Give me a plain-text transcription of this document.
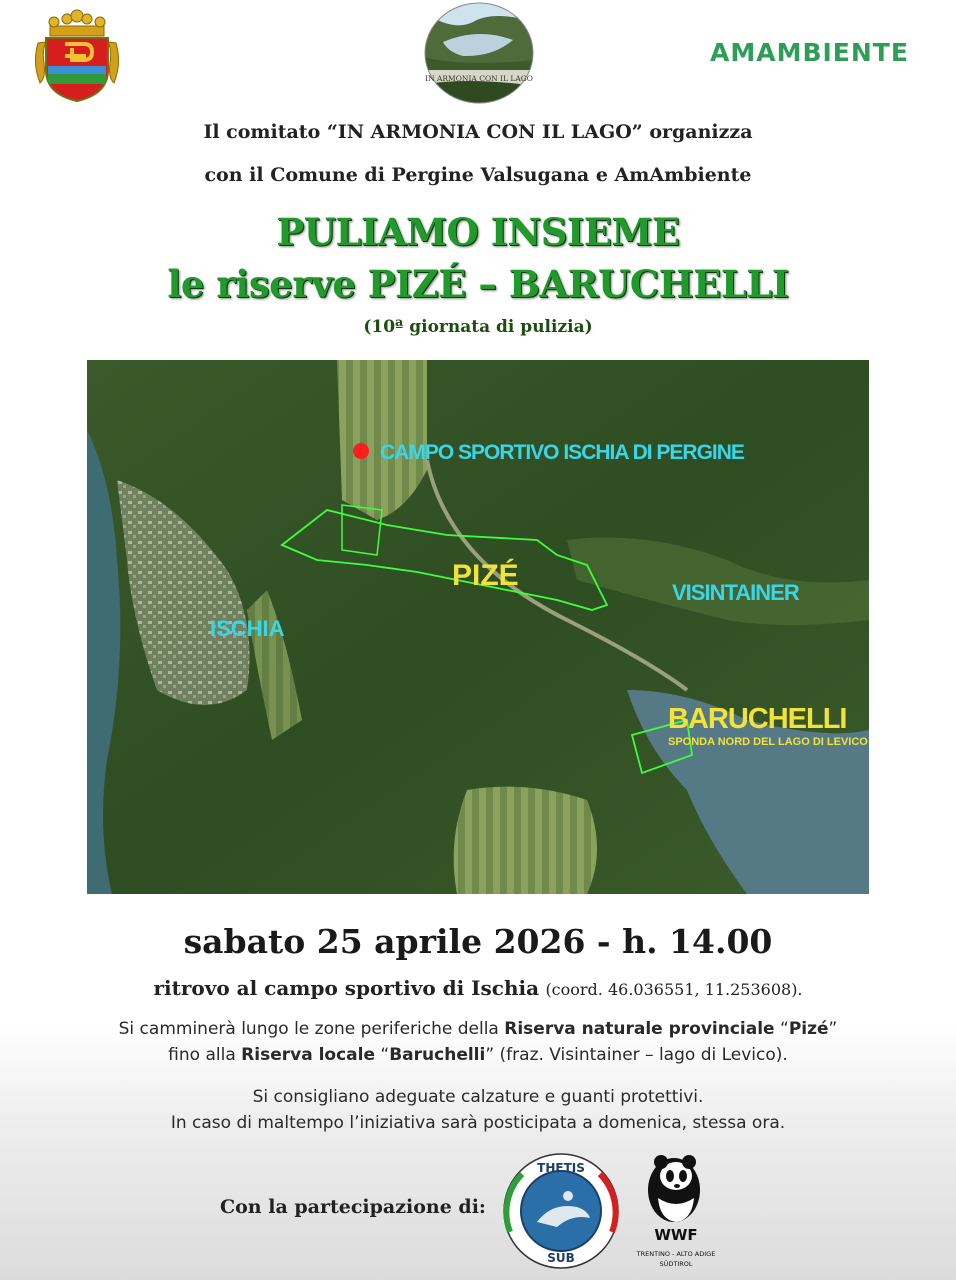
IN ARMONIA CON IL LAGO
AMAMBIENTE
Il comitato “IN ARMONIA CON IL LAGO” organizza
con il Comune di Pergine Valsugana e AmAmbiente
PULIAMO INSIEME
le riserve PIZÉ – BARUCHELLI
(10ª giornata di pulizia)
CAMPO SPORTIVO ISCHIA DI PERGINE
PIZÉ
VISINTAINER
ISCHIA
BARUCHELLI
SPONDA NORD DEL LAGO DI LEVICO
sabato 25 aprile 2026 - h. 14.00
ritrovo al campo sportivo di Ischia (coord. 46.036551, 11.253608).
Si camminerà lungo le zone periferiche della Riserva naturale provinciale “Pizé”
fino alla Riserva locale “Baruchelli” (fraz. Visintainer – lago di Levico).
Si consigliano adeguate calzature e guanti protettivi.
In caso di maltempo l’iniziativa sarà posticipata a domenica, stessa ora.
Con la partecipazione di:
THETIS
SUB
WWF
TRENTINO - ALTO ADIGE
SÜDTIROL
